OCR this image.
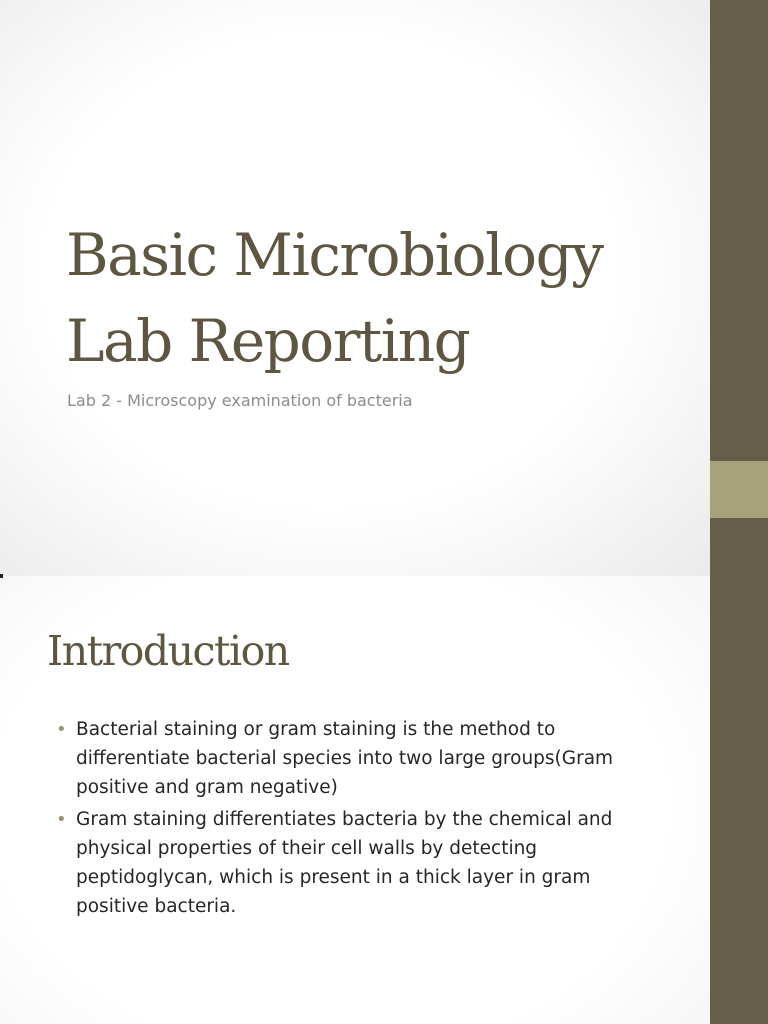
Basic Microbiology
Lab Reporting

Lab 2 - Microscopy examination of bacteria

Introduction
• Bacterial staining or gram staining is the method to
differentiate bacterial species into two large groups(Gram
positive and gram negative)
• Gram staining differentiates bacteria by the chemical and
physical properties of their cell walls by detecting
peptidoglycan, which is present in a thick layer in gram
positive bacteria.
